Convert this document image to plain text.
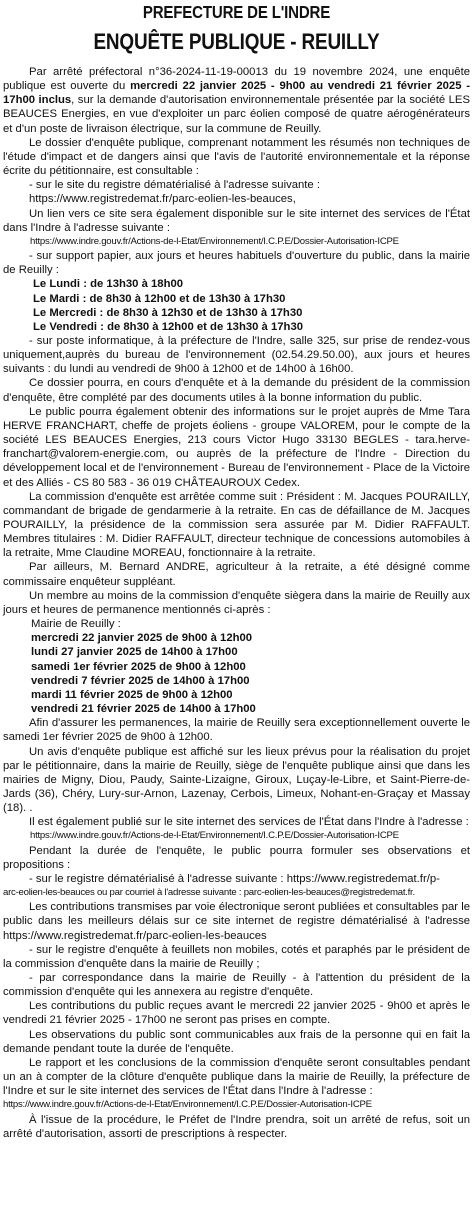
PREFECTURE DE L'INDRE
ENQUÊTE PUBLIQUE - REUILLY

Par arrêté préfectoral n°36-2024-11-19-00013 du 19 novembre 2024, une enquête publique est ouverte du mercredi 22 janvier 2025 - 9h00 au vendredi 21 février 2025 - 17h00 inclus, sur la demande d'autorisation environnementale présentée par la société LES BEAUCES Energies, en vue d'exploiter un parc éolien composé de quatre aérogénérateurs et d'un poste de livraison électrique, sur la commune de Reuilly.

Le dossier d'enquête publique, comprenant notamment les résumés non techniques de l'étude d'impact et de dangers ainsi que l'avis de l'autorité environnementale et la réponse écrite du pétitionnaire, est consultable :

- sur le site du registre dématérialisé à l'adresse suivante :

https://www.registredemat.fr/parc-eolien-les-beauces,

Un lien vers ce site sera également disponible sur le site internet des services de l'État dans l'Indre à l'adresse suivante :

https://www.indre.gouv.fr/Actions-de-l-Etat/Environnement/I.C.P.E/Dossier-Autorisation-ICPE

- sur support papier, aux jours et heures habituels d'ouverture du public, dans la mairie de Reuilly :

Le Lundi : de 13h30 à 18h00
Le Mardi : de 8h30 à 12h00 et de 13h30 à 17h30
Le Mercredi : de 8h30 à 12h30 et de 13h30 à 17h30
Le Vendredi : de 8h30 à 12h00 et de 13h30 à 17h30

- sur poste informatique, à la préfecture de l'Indre, salle 325, sur prise de rendez-vous uniquement,auprès du bureau de l'environnement (02.54.29.50.00), aux jours et heures suivants : du lundi au vendredi de 9h00 à 12h00 et de 14h00 à 16h00.

Ce dossier pourra, en cours d'enquête et à la demande du président de la commission d'enquête, être complété par des documents utiles à la bonne information du public.

Le public pourra également obtenir des informations sur le projet auprès de Mme Tara HERVE FRANCHART, cheffe de projets éoliens - groupe VALOREM, pour le compte de la société LES BEAUCES Energies, 213 cours Victor Hugo 33130 BEGLES - tara.herve-franchart@valorem-energie.com, ou auprès de la préfecture de l'Indre - Direction du développement local et de l'environnement - Bureau de l'environnement - Place de la Victoire et des Alliés - CS 80 583 - 36 019 CHÂTEAUROUX Cedex.

La commission d'enquête est arrêtée comme suit : Président : M. Jacques POURAILLY, commandant de brigade de gendarmerie à la retraite. En cas de défaillance de M. Jacques POURAILLY, la présidence de la commission sera assurée par M. Didier RAFFAULT. Membres titulaires : M. Didier RAFFAULT, directeur technique de concessions automobiles à la retraite, Mme Claudine MOREAU, fonctionnaire à la retraite.

Par ailleurs, M. Bernard ANDRE, agriculteur à la retraite, a été désigné comme commissaire enquêteur suppléant.

Un membre au moins de la commission d'enquête siègera dans la mairie de Reuilly aux jours et heures de permanence mentionnés ci-après :

Mairie de Reuilly :

mercredi 22 janvier 2025 de 9h00 à 12h00
lundi 27 janvier 2025 de 14h00 à 17h00
samedi 1er février 2025 de 9h00 à 12h00
vendredi 7 février 2025 de 14h00 à 17h00
mardi 11 février 2025 de 9h00 à 12h00
vendredi 21 février 2025 de 14h00 à 17h00

Afin d'assurer les permanences, la mairie de Reuilly sera exceptionnellement ouverte le samedi 1er février 2025 de 9h00 à 12h00.

Un avis d'enquête publique est affiché sur les lieux prévus pour la réalisation du projet par le pétitionnaire, dans la mairie de Reuilly, siège de l'enquête publique ainsi que dans les mairies de Migny, Diou, Paudy, Sainte-Lizaigne, Giroux, Luçay-le-Libre, et Saint-Pierre-de-Jards (36), Chéry, Lury-sur-Arnon, Lazenay, Cerbois, Limeux, Nohant-en-Graçay et Massay (18). .

Il est également publié sur le site internet des services de l'État dans l'Indre à l'adresse :

https://www.indre.gouv.fr/Actions-de-l-Etat/Environnement/I.C.P.E/Dossier-Autorisation-ICPE

Pendant la durée de l'enquête, le public pourra formuler ses observations et propositions :

- sur le registre dématérialisé à l'adresse suivante : https://www.registredemat.fr/p-

arc-eolien-les-beauces ou par courriel à l'adresse suivante : parc-eolien-les-beauces@registredemat.fr.

Les contributions transmises par voie électronique seront publiées et consultables par le public dans les meilleurs délais sur ce site internet de registre dématérialisé à l'adresse https://www.registredemat.fr/parc-eolien-les-beauces

- sur le registre d'enquête à feuillets non mobiles, cotés et paraphés par le président de la commission d'enquête dans la mairie de Reuilly ;

- par correspondance dans la mairie de Reuilly - à l'attention du président de la commission d'enquête qui les annexera au registre d'enquête.

Les contributions du public reçues avant le mercredi 22 janvier 2025 - 9h00 et après le vendredi 21 février 2025 - 17h00 ne seront pas prises en compte.

Les observations du public sont communicables aux frais de la personne qui en fait la demande pendant toute la durée de l'enquête.

Le rapport et les conclusions de la commission d'enquête seront consultables pendant un an à compter de la clôture d'enquête publique dans la mairie de Reuilly, la préfecture de l'Indre et sur le site internet des services de l'État dans l'Indre à l'adresse :

https://www.indre.gouv.fr/Actions-de-l-Etat/Environnement/I.C.P.E/Dossier-Autorisation-ICPE

À l'issue de la procédure, le Préfet de l'Indre prendra, soit un arrêté de refus, soit un arrêté d'autorisation, assorti de prescriptions à respecter.
